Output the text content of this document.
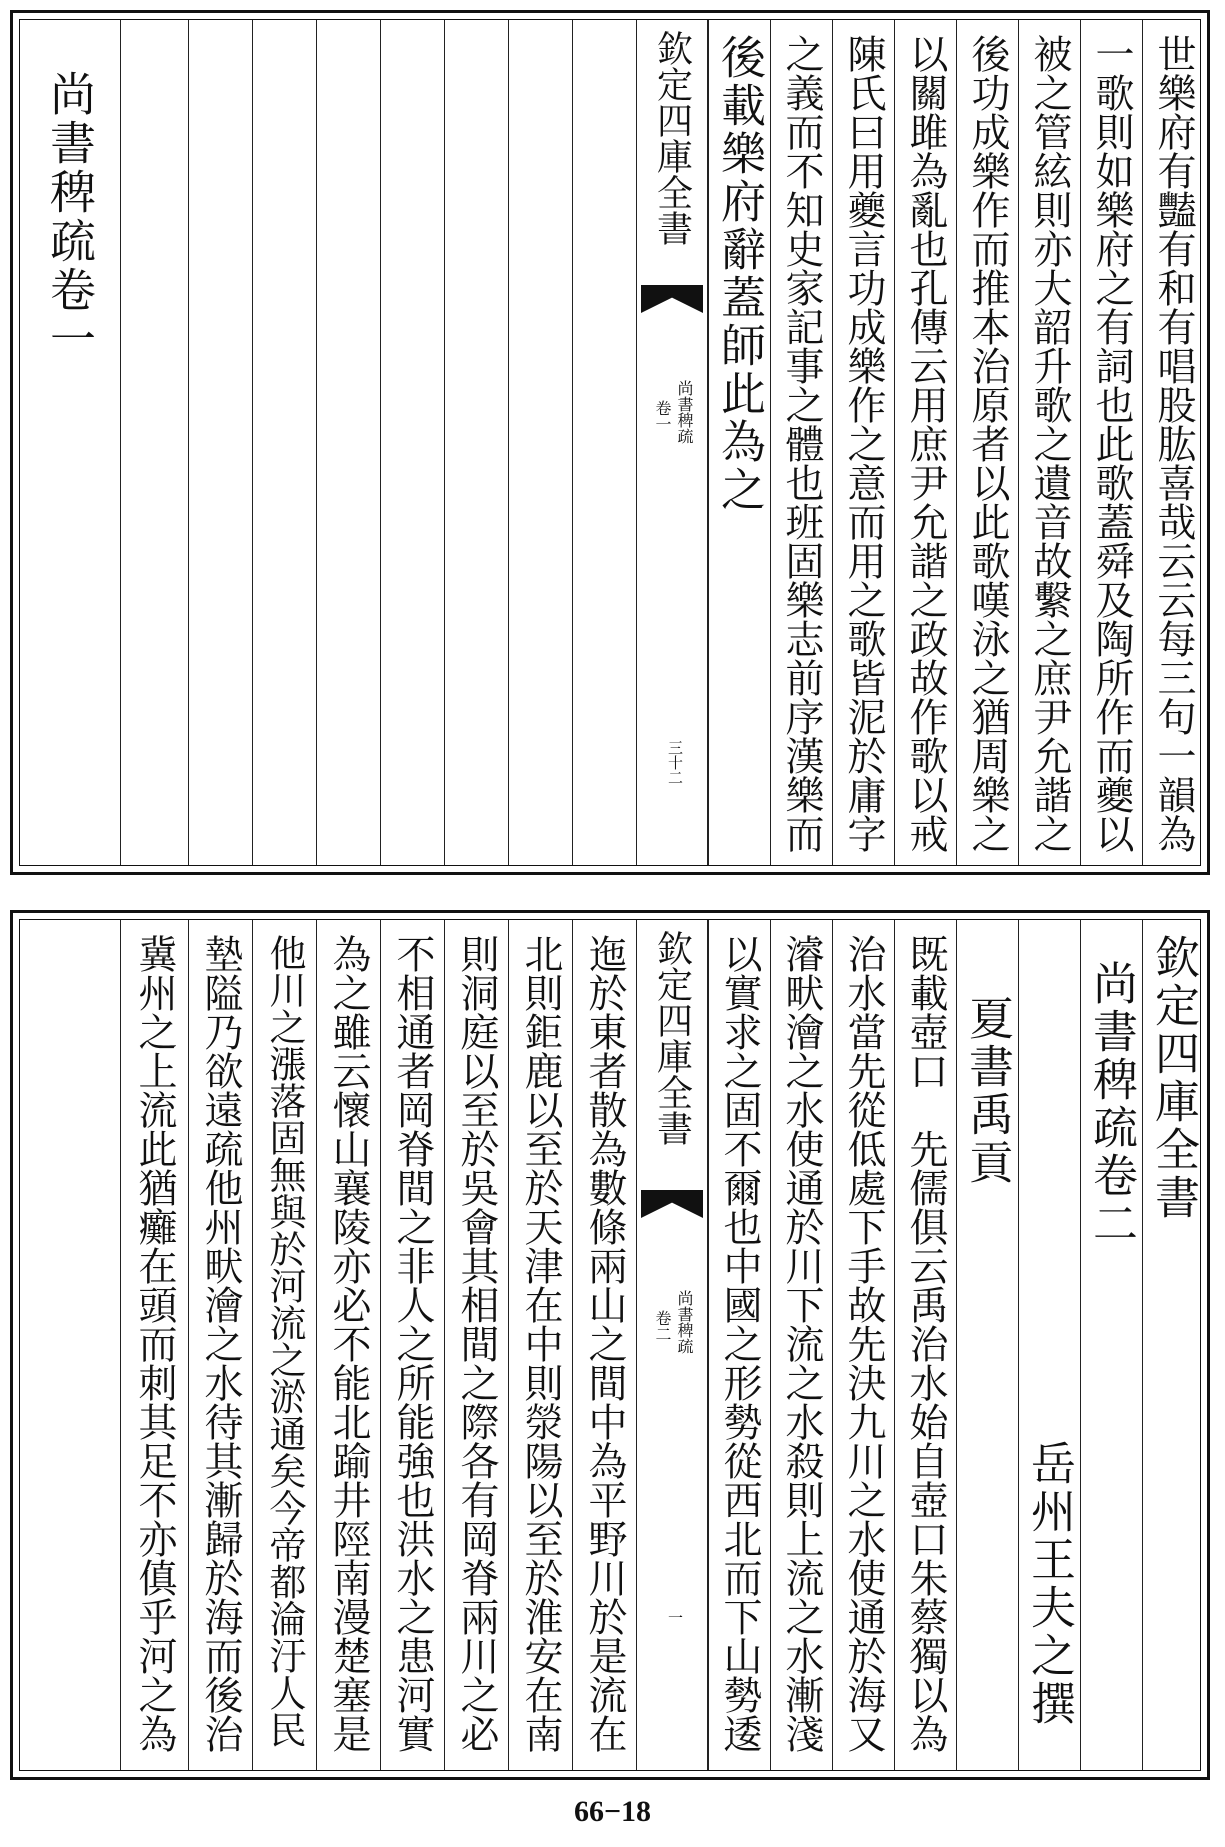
世樂府有豔有和有唱股肱喜哉云云每三句一韻為
一歌則如樂府之有詞也此歌蓋舜及陶所作而夔以
被之管絃則亦大韶升歌之遺音故繫之庶尹允諧之
後功成樂作而推本治原者以此歌嘆泳之猶周樂之
以關雎為亂也孔傳云用庶尹允諧之政故作歌以戒
陳氏曰用夔言功成樂作之意而用之歌皆泥於庸字
之義而不知史家記事之體也班固樂志前序漢樂而
後載樂府辭蓋師此為之
欽定四庫全書
尚書稗疏
卷一
三十二
尚書稗疏卷一
欽定四庫全書
尚書稗疏卷二
岳州王夫之撰
夏書禹貢
既載壺口　先儒俱云禹治水始自壺口朱蔡獨以為
治水當先從低處下手故先決九川之水使通於海又
濬畎澮之水使通於川下流之水殺則上流之水漸淺
以實求之固不爾也中國之形勢從西北而下山勢逶
欽定四庫全書
尚書稗疏
卷二
一
迤於東者散為數條兩山之間中為平野川於是流在
北則鉅鹿以至於天津在中則滎陽以至於淮安在南
則洞庭以至於吳會其相間之際各有岡脊兩川之必
不相通者岡脊間之非人之所能強也洪水之患河實
為之雖云懷山襄陵亦必不能北踰井陘南漫楚塞是
他川之漲落固無與於河流之淤通矣今帝都淪汙人民
墊隘乃欲遠疏他州畎澮之水待其漸歸於海而後治
冀州之上流此猶癱在頭而刺其足不亦傎乎河之為
66−18
